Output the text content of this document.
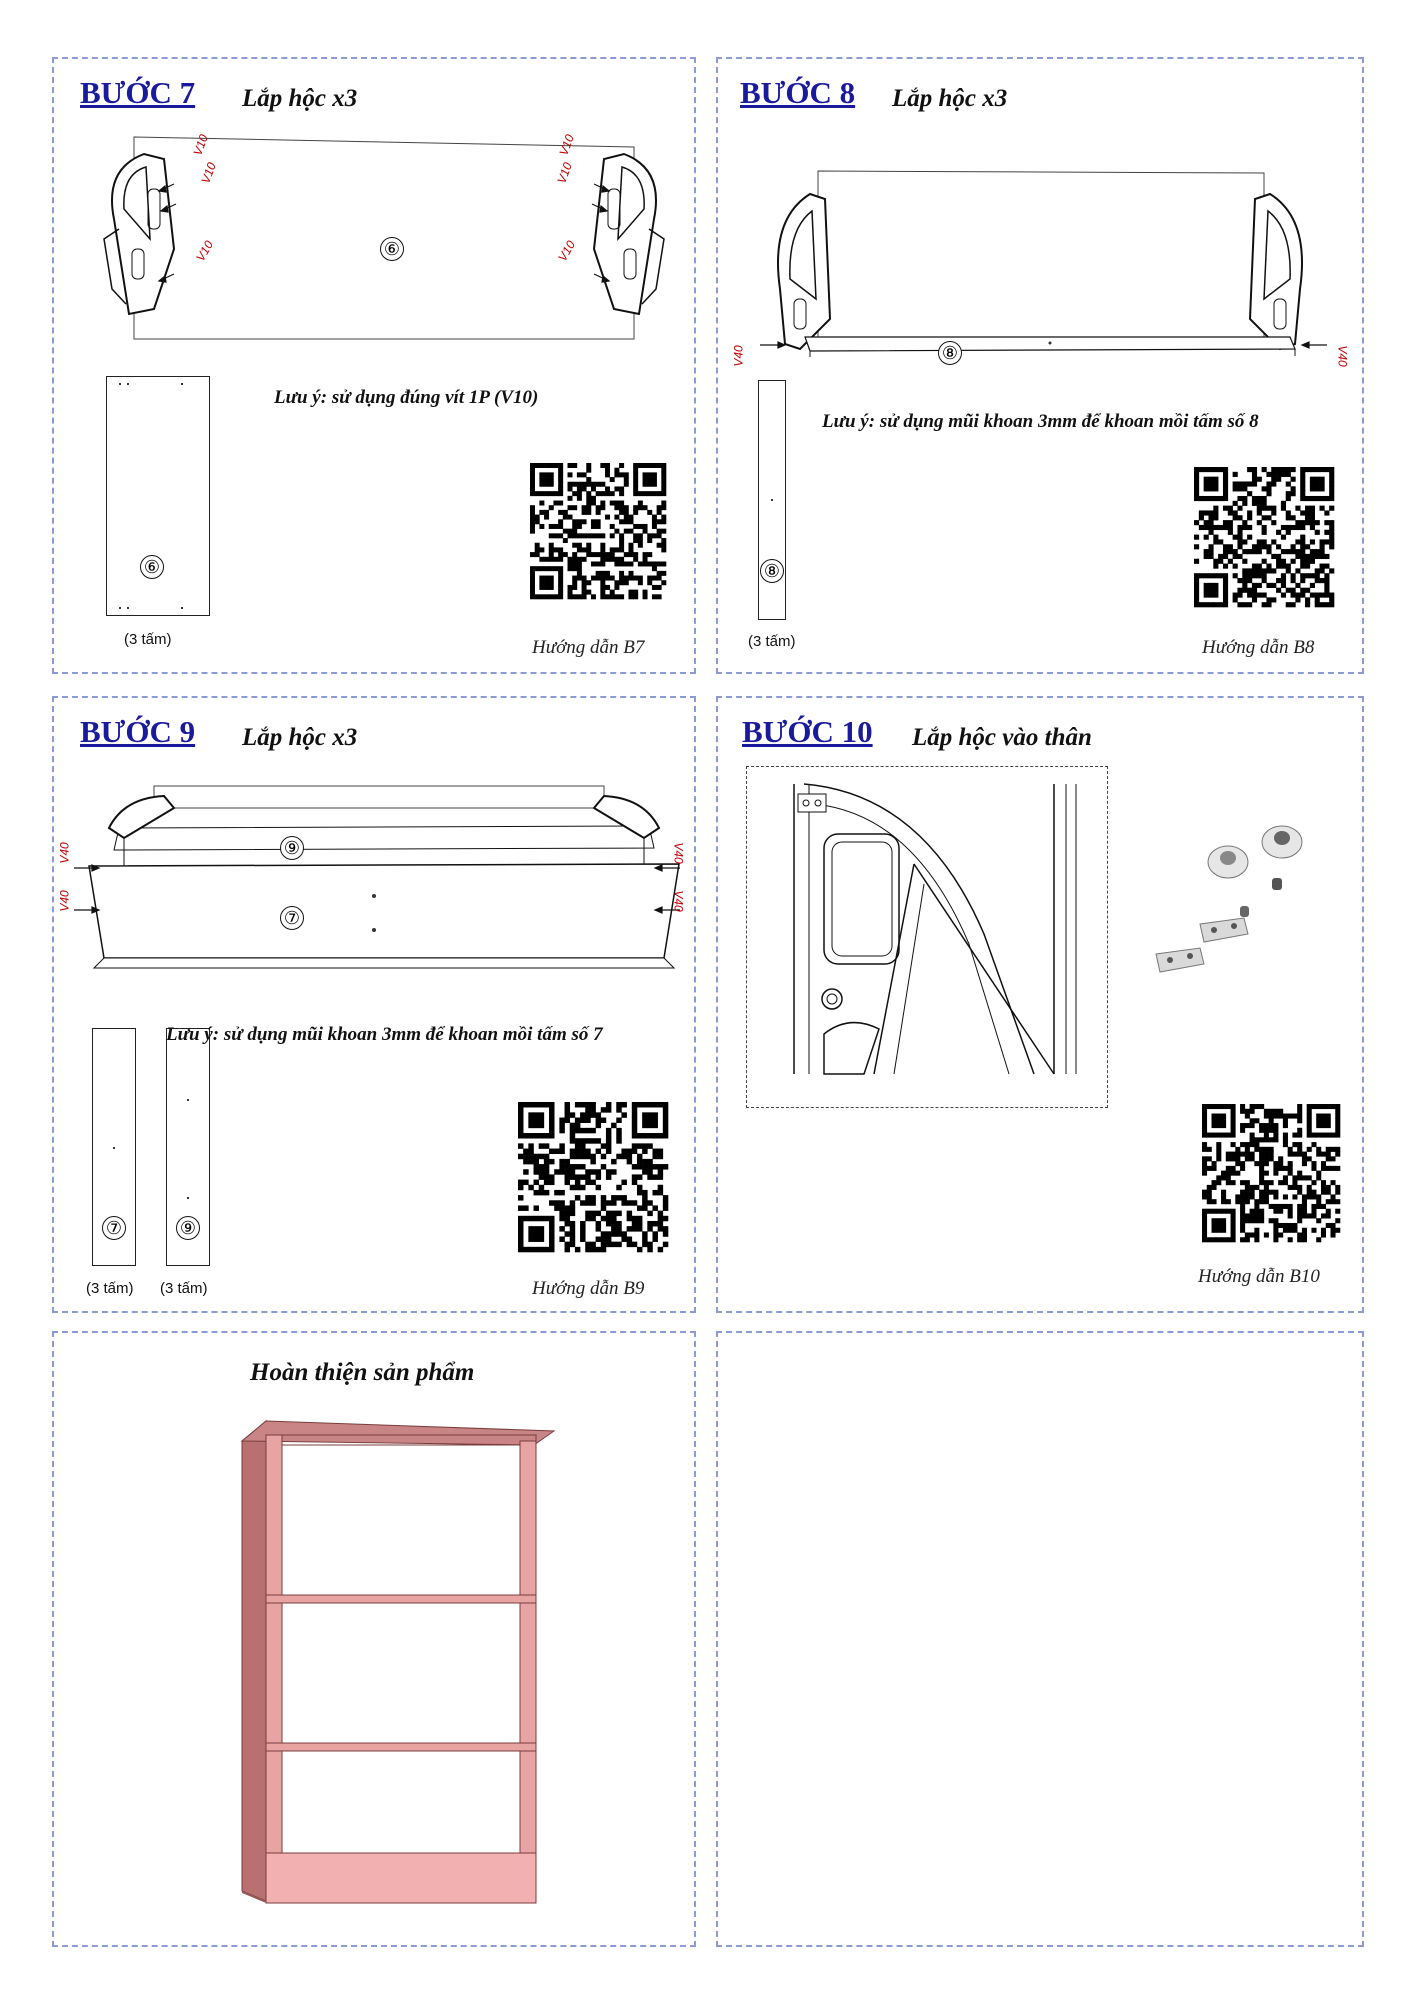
BƯỚC 7 Lắp hộc x3
V10
V10
V10
V10
V10
V10
⑥
⑥
(3 tấm)
Lưu ý: sử dụng đúng vít 1P (V10)
Hướng dẫn B7
BƯỚC 8 Lắp hộc x3
⑧
V40	V40
⑧
(3 tấm)
Lưu ý: sử dụng mũi khoan 3mm để khoan mồi tấm số 8
Hướng dẫn B8
BƯỚC 9 Lắp hộc x3
⑨
⑦
V40
V40
V40
V40
⑦	⑨
(3 tấm) (3 tấm)
Lưu ý: sử dụng mũi khoan 3mm để khoan mồi tấm số 7
Hướng dẫn B9
BƯỚC 10 Lắp hộc vào thân
Hướng dẫn B10
Hoàn thiện sản phẩm
